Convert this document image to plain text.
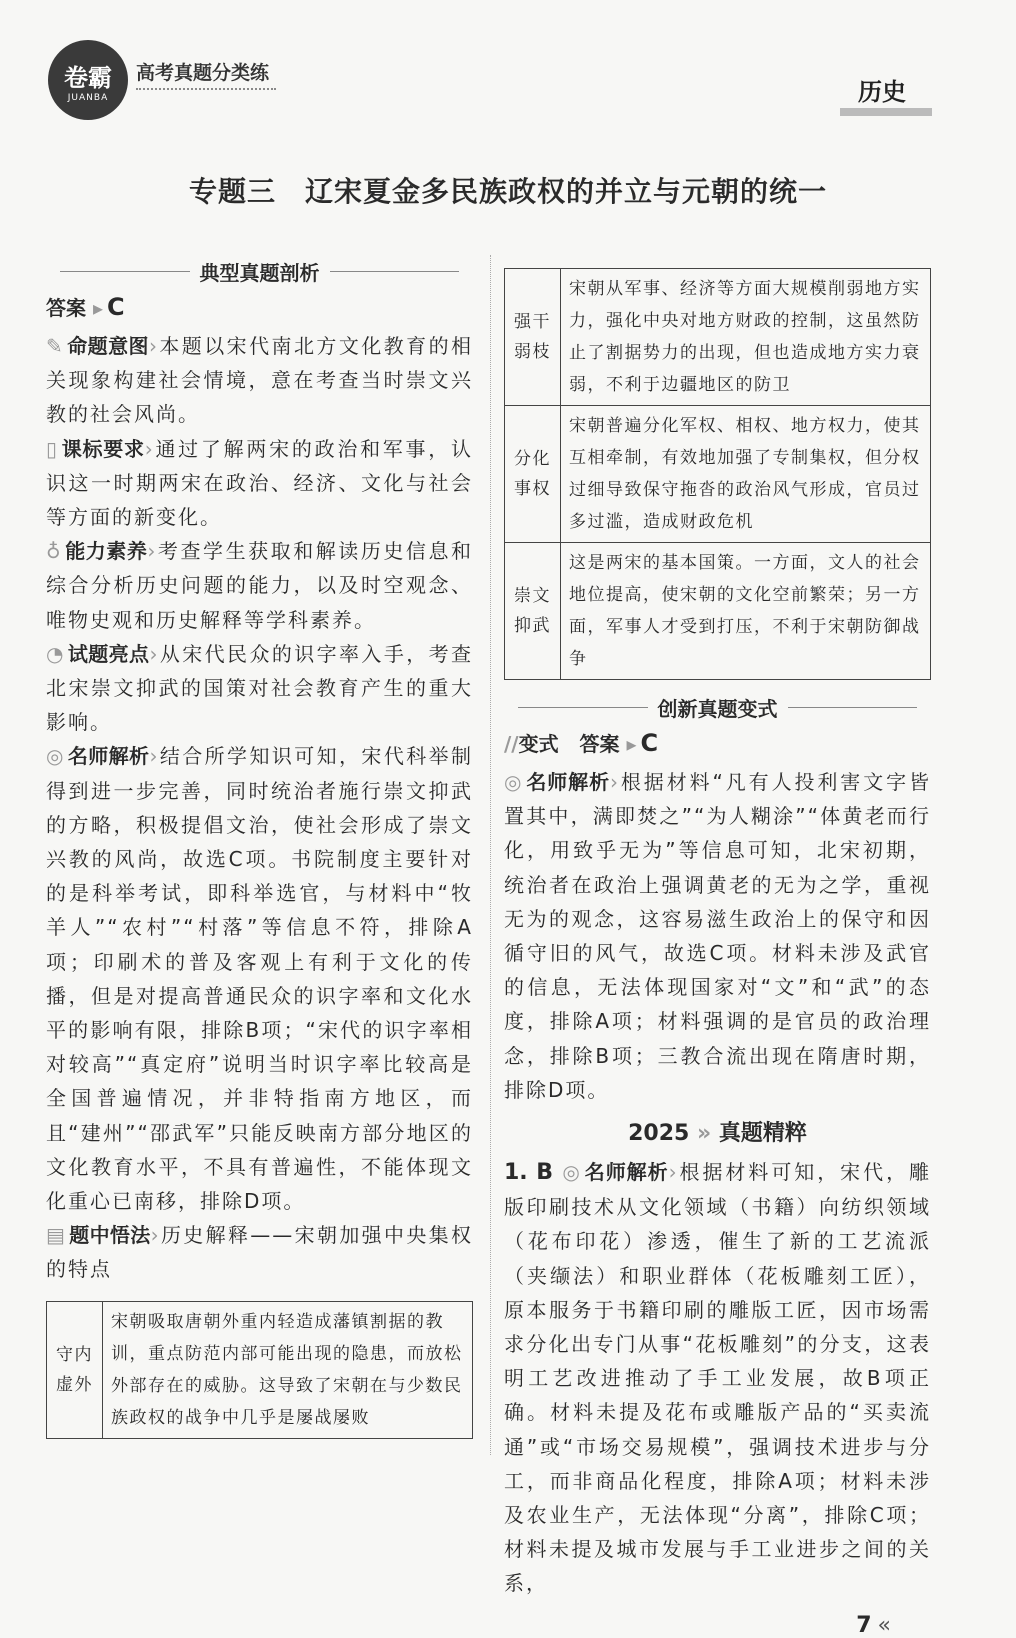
卷霸
JUANBA
高考真题分类练
历史
专题三　辽宋夏金多民族政权的并立与元朝的统一
典型真题剖析
答案 ▸ C

✎ 命题意图›本题以宋代南北方文化教育的相关现象构建社会情境，意在考查当时崇文兴教的社会风尚。

▯ 课标要求›通过了解两宋的政治和军事，认识这一时期两宋在政治、经济、文化与社会等方面的新变化。

♁ 能力素养›考查学生获取和解读历史信息和综合分析历史问题的能力，以及时空观念、唯物史观和历史解释等学科素养。

◔ 试题亮点›从宋代民众的识字率入手，考查北宋崇文抑武的国策对社会教育产生的重大影响。

◎ 名师解析›结合所学知识可知，宋代科举制得到进一步完善，同时统治者施行崇文抑武的方略，积极提倡文治，使社会形成了崇文兴教的风尚，故选C项。书院制度主要针对的是科举考试，即科举选官，与材料中“牧羊人”“农村”“村落”等信息不符，排除A项；印刷术的普及客观上有利于文化的传播，但是对提高普通民众的识字率和文化水平的影响有限，排除B项；“宋代的识字率相对较高”“真定府”说明当时识字率比较高是全国普遍情况，并非特指南方地区，而且“建州”“邵武军”只能反映南方部分地区的文化教育水平，不具有普遍性，不能体现文化重心已南移，排除D项。

▤ 题中悟法›历史解释——宋朝加强中央集权的特点

守内虚外	宋朝吸取唐朝外重内轻造成藩镇割据的教训，重点防范内部可能出现的隐患，而放松外部存在的威胁。这导致了宋朝在与少数民族政权的战争中几乎是屡战屡败
强干弱枝	宋朝从军事、经济等方面大规模削弱地方实力，强化中央对地方财政的控制，这虽然防止了割据势力的出现，但也造成地方实力衰弱，不利于边疆地区的防卫
分化事权	宋朝普遍分化军权、相权、地方权力，使其互相牵制，有效地加强了专制集权，但分权过细导致保守拖沓的政治风气形成，官员过多过滥，造成财政危机
崇文抑武	这是两宋的基本国策。一方面，文人的社会地位提高，使宋朝的文化空前繁荣；另一方面，军事人才受到打压，不利于宋朝防御战争
创新真题变式
//变式 答案 ▸ C

◎ 名师解析›根据材料“凡有人投利害文字皆置其中，满即焚之”“为人糊涂”“体黄老而行化，用致乎无为”等信息可知，北宋初期，统治者在政治上强调黄老的无为之学，重视无为的观念，这容易滋生政治上的保守和因循守旧的风气，故选C项。材料未涉及武官的信息，无法体现国家对“文”和“武”的态度，排除A项；材料强调的是官员的政治理念，排除B项；三教合流出现在隋唐时期，排除D项。

2025 » 真题精粹

1. B ◎ 名师解析›根据材料可知，宋代，雕版印刷技术从文化领域（书籍）向纺织领域（花布印花）渗透，催生了新的工艺流派（夹缬法）和职业群体（花板雕刻工匠），原本服务于书籍印刷的雕版工匠，因市场需求分化出专门从事“花板雕刻”的分支，这表明工艺改进推动了手工业发展，故B项正确。材料未提及花布或雕版产品的“买卖流通”或“市场交易规模”，强调技术进步与分工，而非商品化程度，排除A项；材料未涉及农业生产，无法体现“分离”，排除C项；材料未提及城市发展与手工业进步之间的关系，

7 «
